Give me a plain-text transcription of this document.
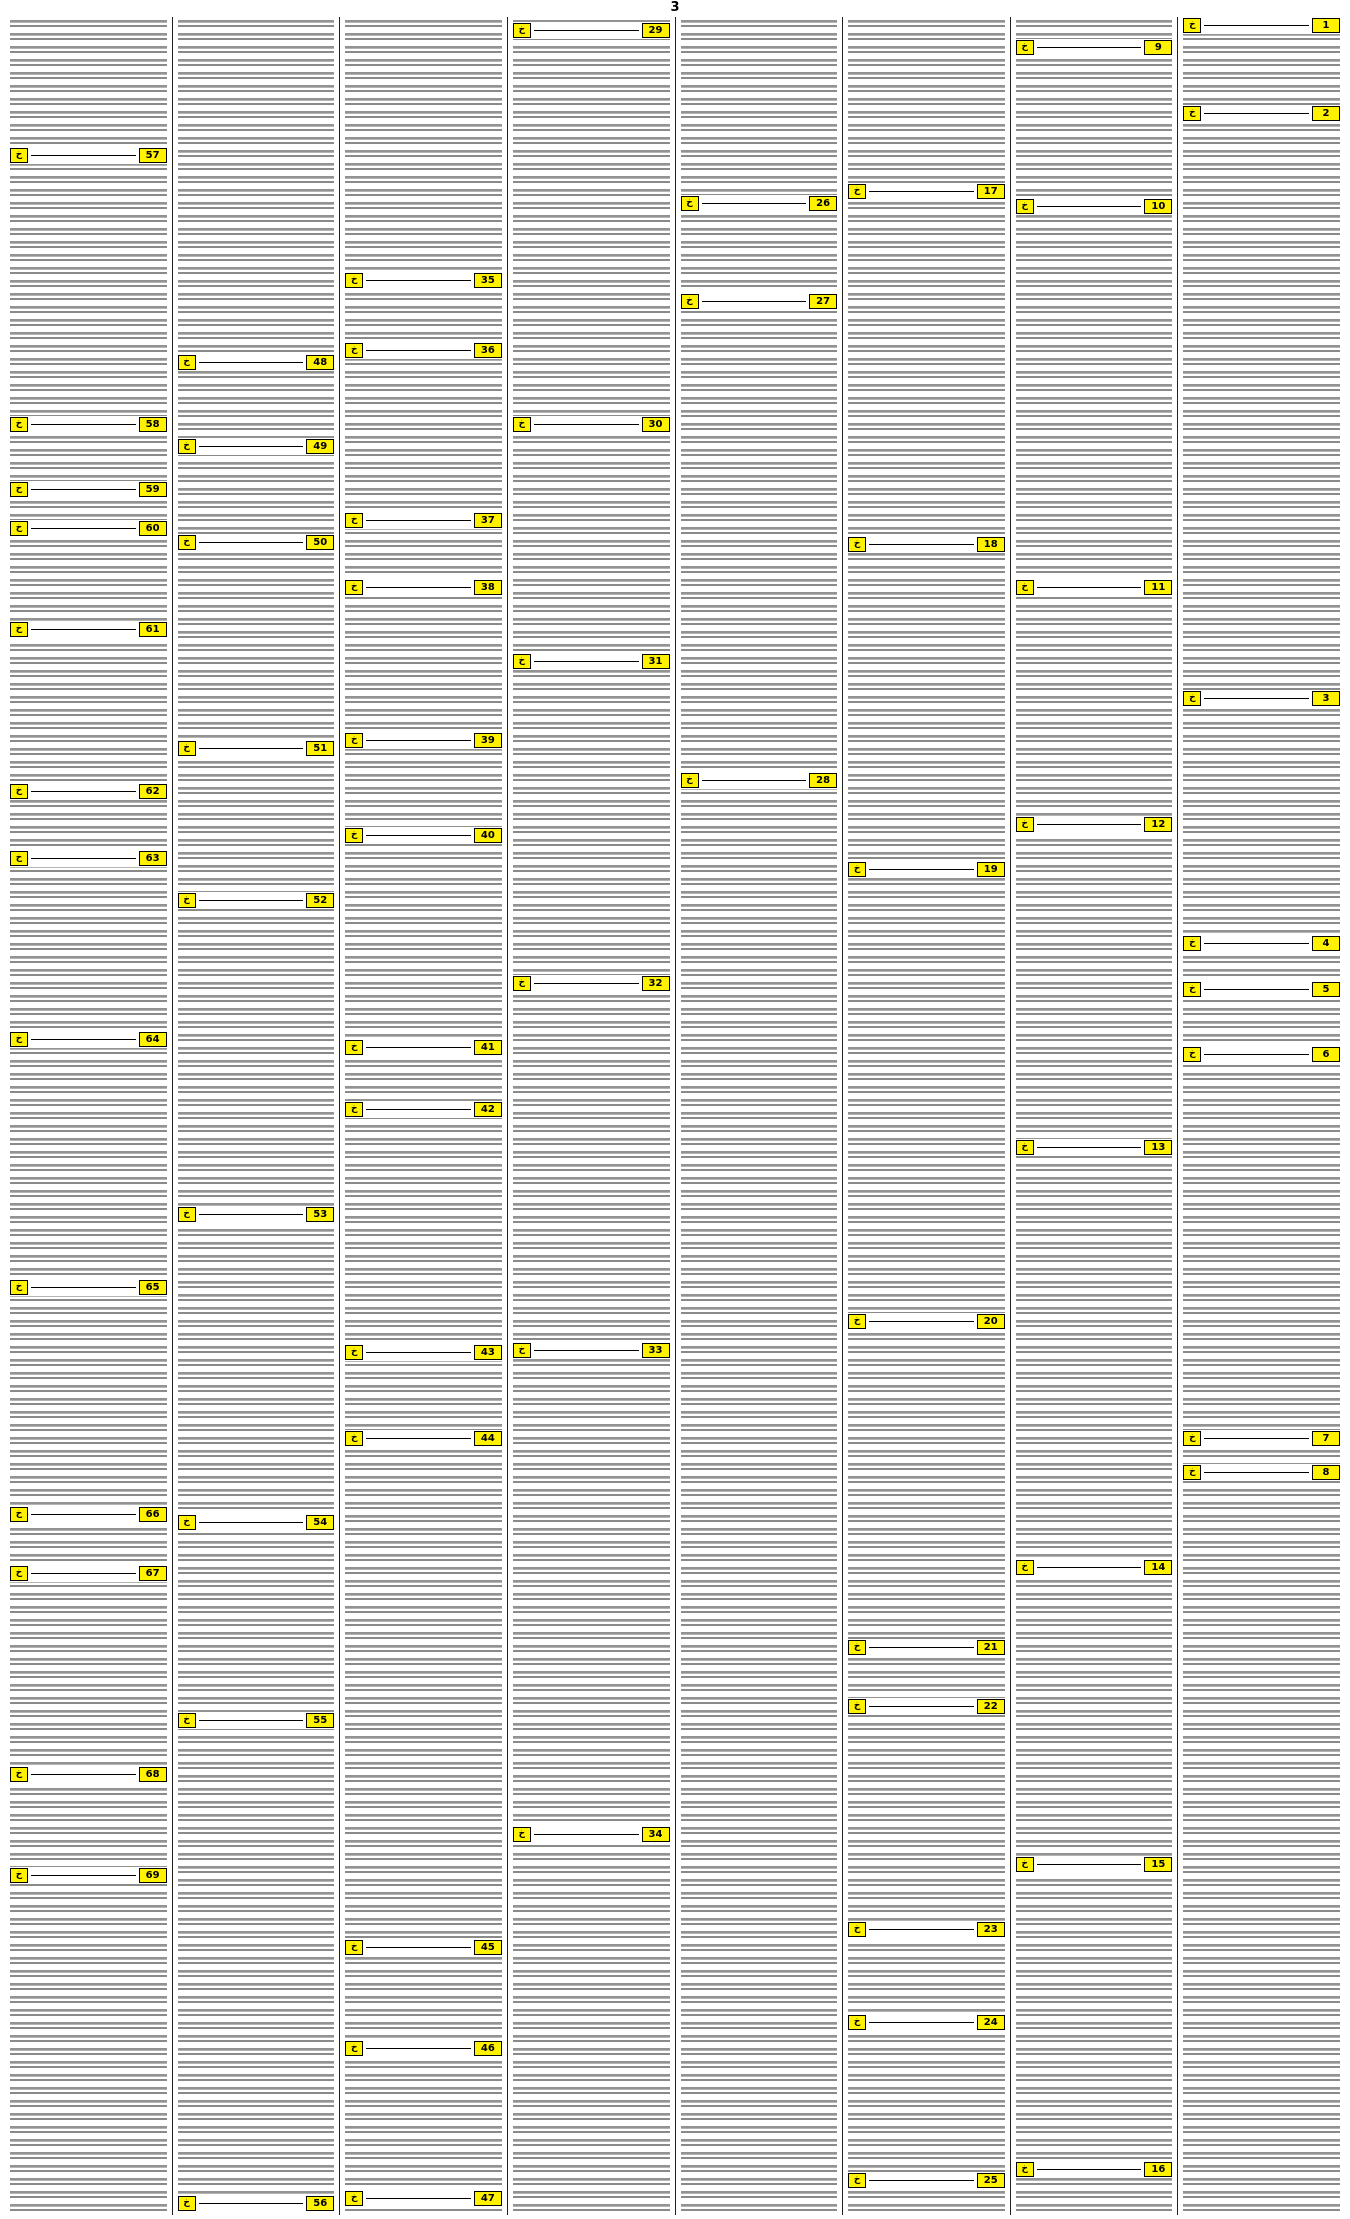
3
1
خ
2
خ
3
خ
4
خ
5
خ
6
خ
7
خ
8
خ
9
خ
10
خ
11
خ
12
خ
13
خ
14
خ
15
خ
16
خ
17
خ
18
خ
19
خ
20
خ
21
خ
22
خ
23
خ
24
خ
25
خ
26
خ
27
خ
28
خ
29
خ
30
خ
31
خ
32
خ
33
خ
34
خ
35
خ
36
خ
37
خ
38
خ
39
خ
40
خ
41
خ
42
خ
43
خ
44
خ
45
خ
46
خ
47
خ
48
خ
49
خ
50
خ
51
خ
52
خ
53
خ
54
خ
55
خ
56
خ
57
خ
58
خ
59
خ
60
خ
61
خ
62
خ
63
خ
64
خ
65
خ
66
خ
67
خ
68
خ
69
خ
